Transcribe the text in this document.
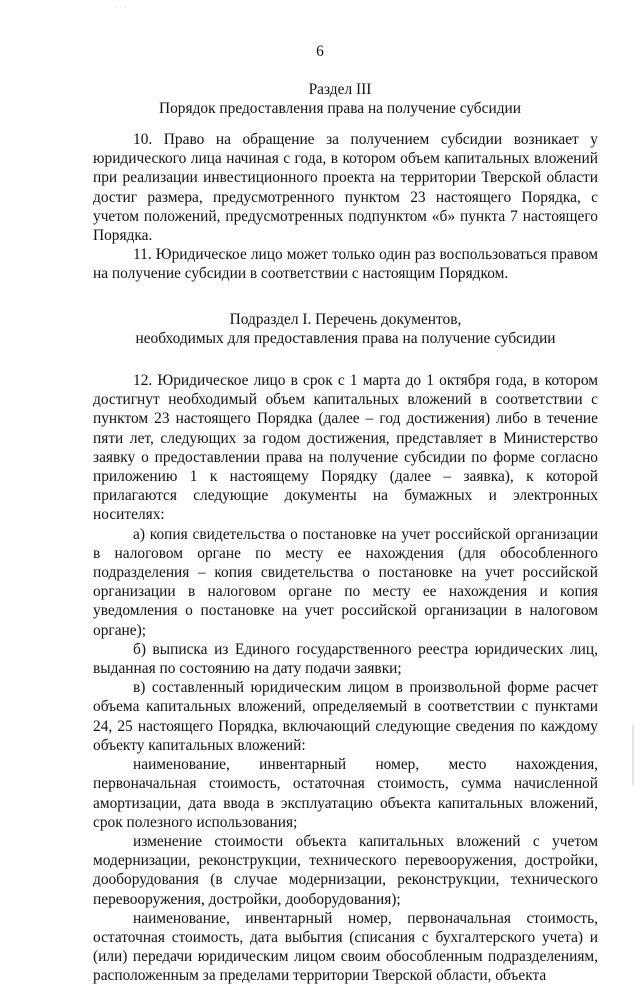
· · ·
6
Раздел III
Порядок предоставления права на получение субсидии

10. Право на обращение за получением субсидии возникает у юридического лица начиная с года, в котором объем капитальных вложений при реализации инвестиционного проекта на территории Тверской области достиг размера, предусмотренного пунктом 23 настоящего Порядка, с учетом положений, предусмотренных подпунктом «б» пункта 7 настоящего Порядка.

11. Юридическое лицо может только один раз воспользоваться правом на получение субсидии в соответствии с настоящим Порядком.

Подраздел I. Перечень документов,
необходимых для предоставления права на получение субсидии

12. Юридическое лицо в срок с 1 марта до 1 октября года, в котором достигнут необходимый объем капитальных вложений в соответствии с пунктом 23 настоящего Порядка (далее – год достижения) либо в течение пяти лет, следующих за годом достижения, представляет в Министерство заявку о предоставлении права на получение субсидии по форме согласно приложению 1 к настоящему Порядку (далее – заявка), к которой прилагаются следующие документы на бумажных и электронных носителях:

а) копия свидетельства о постановке на учет российской организации в налоговом органе по месту ее нахождения (для обособленного подразделения – копия свидетельства о постановке на учет российской организации в налоговом органе по месту ее нахождения и копия уведомления о постановке на учет российской организации в налоговом органе);

б) выписка из Единого государственного реестра юридических лиц, выданная по состоянию на дату подачи заявки;

в) составленный юридическим лицом в произвольной форме расчет объема капитальных вложений, определяемый в соответствии с пунктами 24, 25 настоящего Порядка, включающий следующие сведения по каждому объекту капитальных вложений:

наименование, инвентарный номер, место нахождения, первоначальная стоимость, остаточная стоимость, сумма начисленной амортизации, дата ввода в эксплуатацию объекта капитальных вложений, срок полезного использования;

изменение стоимости объекта капитальных вложений с учетом модернизации, реконструкции, технического перевооружения, достройки, дооборудования (в случае модернизации, реконструкции, технического перевооружения, достройки, дооборудования);

наименование, инвентарный номер, первоначальная стоимость, остаточная стоимость, дата выбытия (списания с бухгалтерского учета) и (или) передачи юридическим лицом своим обособленным подразделениям, расположенным за пределами территории Тверской области, объекта
